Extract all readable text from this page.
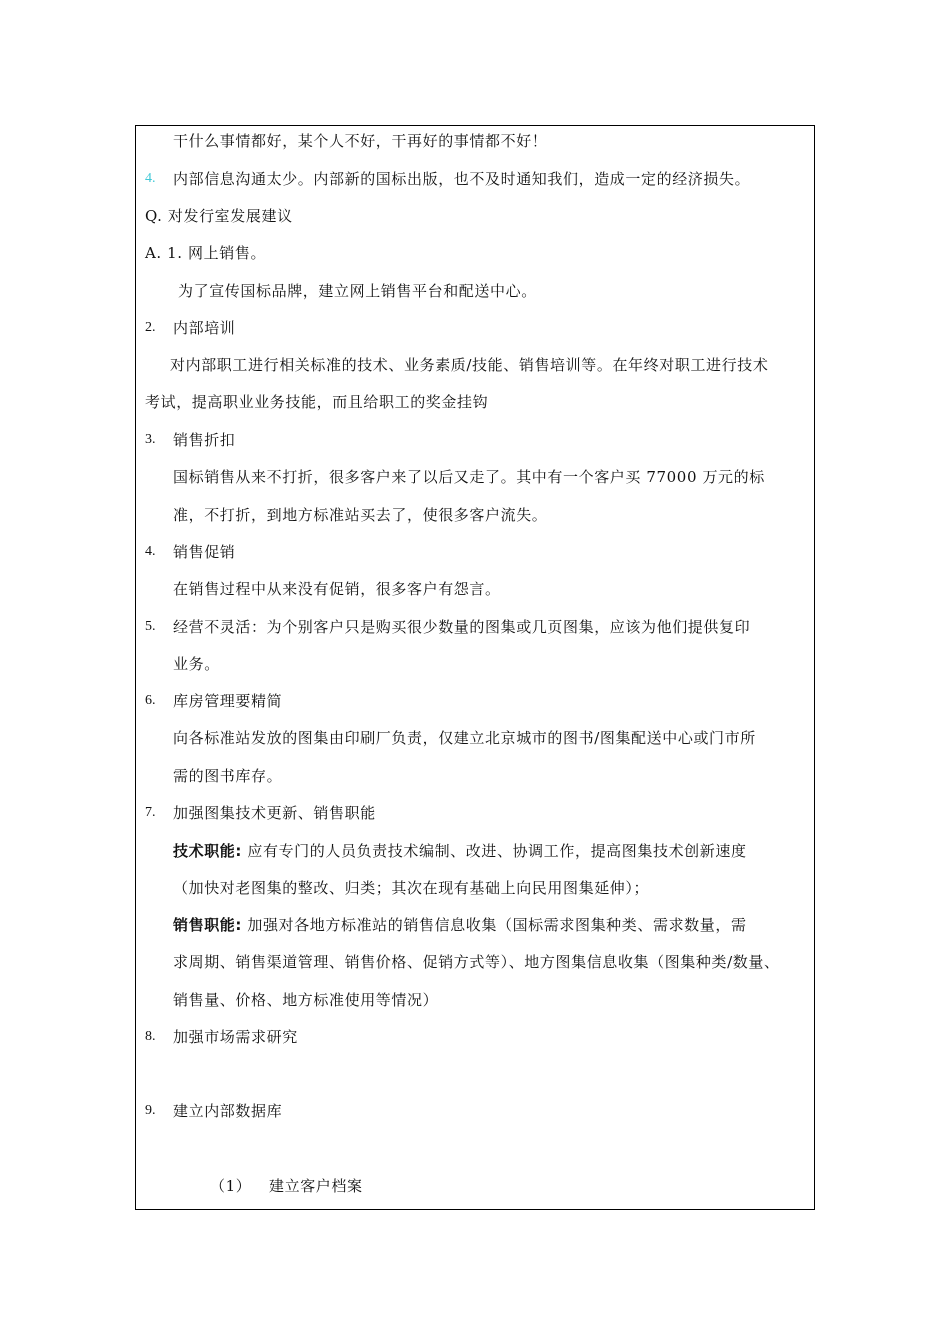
干什么事情都好，某个人不好，干再好的事情都不好！
4. 内部信息沟通太少。内部新的国标出版，也不及时通知我们，造成一定的经济损失。
Q. 对发行室发展建议
A. 1. 网上销售。
为了宣传国标品牌，建立网上销售平台和配送中心。
2. 内部培训
对内部职工进行相关标准的技术、业务素质/技能、销售培训等。在年终对职工进行技术
考试，提高职业业务技能，而且给职工的奖金挂钩
3. 销售折扣
国标销售从来不打折，很多客户来了以后又走了。其中有一个客户买 77000 万元的标
准，不打折，到地方标准站买去了，使很多客户流失。
4. 销售促销
在销售过程中从来没有促销，很多客户有怨言。
5. 经营不灵活：为个别客户只是购买很少数量的图集或几页图集，应该为他们提供复印
业务。
6. 库房管理要精简
向各标准站发放的图集由印刷厂负责，仅建立北京城市的图书/图集配送中心或门市所
需的图书库存。
7. 加强图集技术更新、销售职能
技术职能: 应有专门的人员负责技术编制、改进、协调工作，提高图集技术创新速度
（加快对老图集的整改、归类；其次在现有基础上向民用图集延伸）；
销售职能: 加强对各地方标准站的销售信息收集（国标需求图集种类、需求数量，需
求周期、销售渠道管理、销售价格、促销方式等）、地方图集信息收集（图集种类/数量、
销售量、价格、地方标准使用等情况）
8. 加强市场需求研究
9. 建立内部数据库
（1） 建立客户档案
